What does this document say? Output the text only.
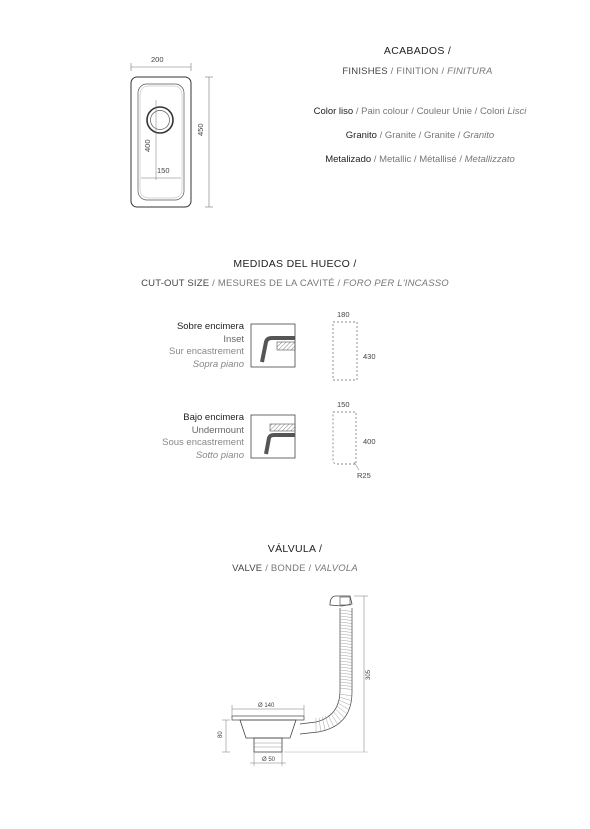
ACABADOS /
FINISHES / FINITION / FINITURA
Color liso / Pain colour / Couleur Unie / Colori Lisci
Granito / Granite / Granite / Granito
Metalizado / Metallic / Métallisé / Metallizzato
200
450
400
150
MEDIDAS DEL HUECO /
CUT-OUT SIZE / MESURES DE LA CAVITÉ / FORO PER L'INCASSO
Sobre encimera
Inset
Sur encastrement
Sopra piano
180
430
Bajo encimera
Undermount
Sous encastrement
Sotto piano
150
400
R25
VÁLVULA /
VALVE / BONDE / VALVOLA
Ø 140
Ø 50
80
305
